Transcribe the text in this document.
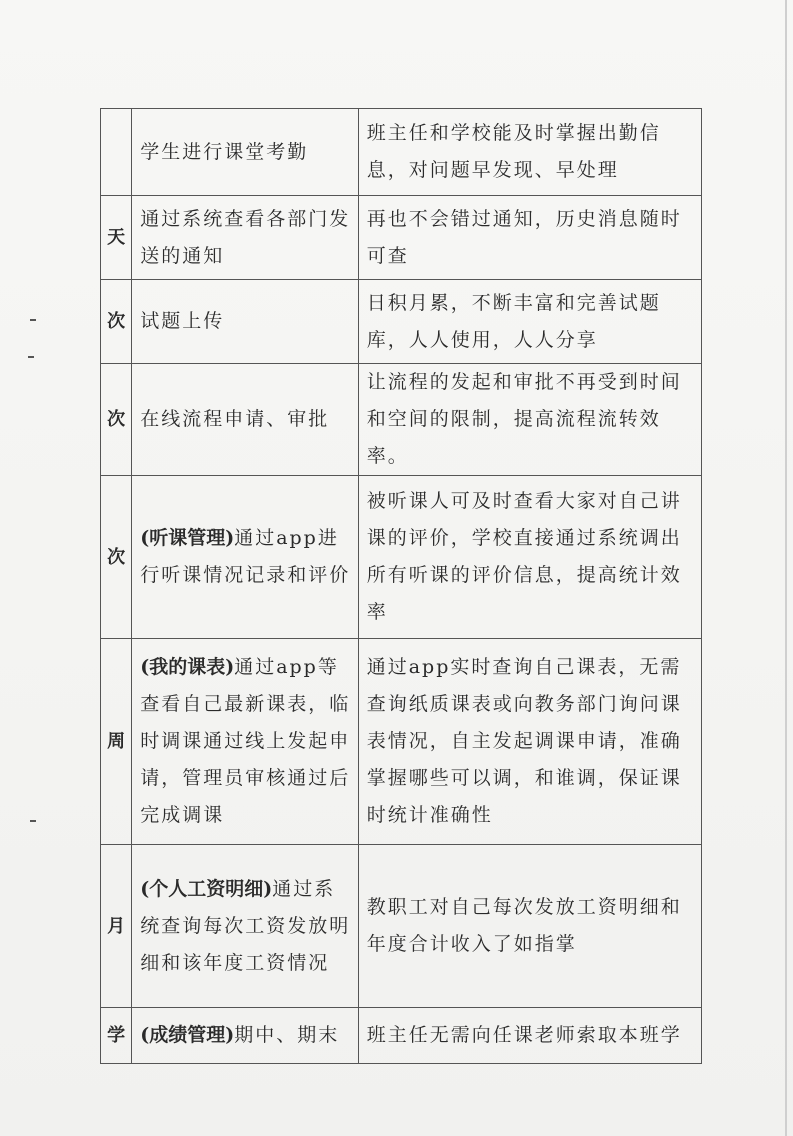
	学生进行课堂考勤	班主任和学校能及时掌握出勤信息，对问题早发现、早处理
天	通过系统查看各部门发送的通知	再也不会错过通知，历史消息随时可查
次	试题上传	日积月累，不断丰富和完善试题库，人人使用，人人分享
次	在线流程申请、审批	让流程的发起和审批不再受到时间和空间的限制，提高流程流转效率。
次	(听课管理)通过app进行听课情况记录和评价	被听课人可及时查看大家对自己讲课的评价，学校直接通过系统调出所有听课的评价信息，提高统计效率
周	(我的课表)通过app等查看自己最新课表，临时调课通过线上发起申请，管理员审核通过后完成调课	通过app实时查询自己课表，无需查询纸质课表或向教务部门询问课表情况，自主发起调课申请，准确掌握哪些可以调，和谁调，保证课时统计准确性
月	(个人工资明细)通过系统查询每次工资发放明细和该年度工资情况	教职工对自己每次发放工资明细和年度合计收入了如指掌
学	(成绩管理)期中、期末	班主任无需向任课老师索取本班学
